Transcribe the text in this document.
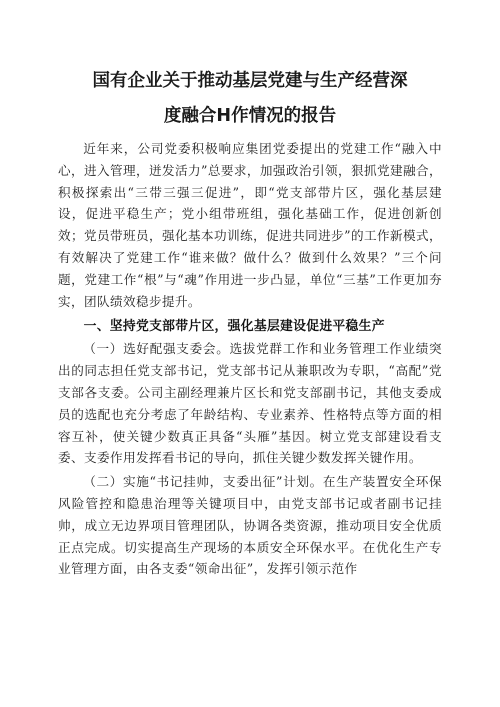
国有企业关于推动基层党建与生产经营深
度融合H作情况的报告

近年来，公司党委积极响应集团党委提出的党建工作“融入中心，进入管理，迸发活力”总要求，加强政治引领，狠抓党建融合，积极探索出“三带三强三促进”，即“党支部带片区，强化基层建设，促进平稳生产；党小组带班组，强化基础工作，促进创新创效；党员带班员，强化基本功训练，促进共同进步”的工作新模式，有效解决了党建工作“谁来做？做什么？做到什么效果？”三个问题，党建工作“根”与“魂”作用进一步凸显，单位“三基”工作更加夯实，团队绩效稳步提升。

一、坚持党支部带片区，强化基层建设促进平稳生产

（一）选好配强支委会。选拔党群工作和业务管理工作业绩突出的同志担任党支部书记，党支部书记从兼职改为专职，“高配”党支部各支委。公司主副经理兼片区长和党支部副书记，其他支委成员的选配也充分考虑了年龄结构、专业素养、性格特点等方面的相容互补，使关键少数真正具备“头雁”基因。树立党支部建设看支委、支委作用发挥看书记的导向，抓住关键少数发挥关键作用。

（二）实施“书记挂帅，支委出征”计划。在生产装置安全环保风险管控和隐患治理等关键项目中，由党支部书记或者副书记挂帅，成立无边界项目管理团队，协调各类资源，推动项目安全优质正点完成。切实提高生产现场的本质安全环保水平。在优化生产专业管理方面，由各支委“领命出征”，发挥引领示范作
